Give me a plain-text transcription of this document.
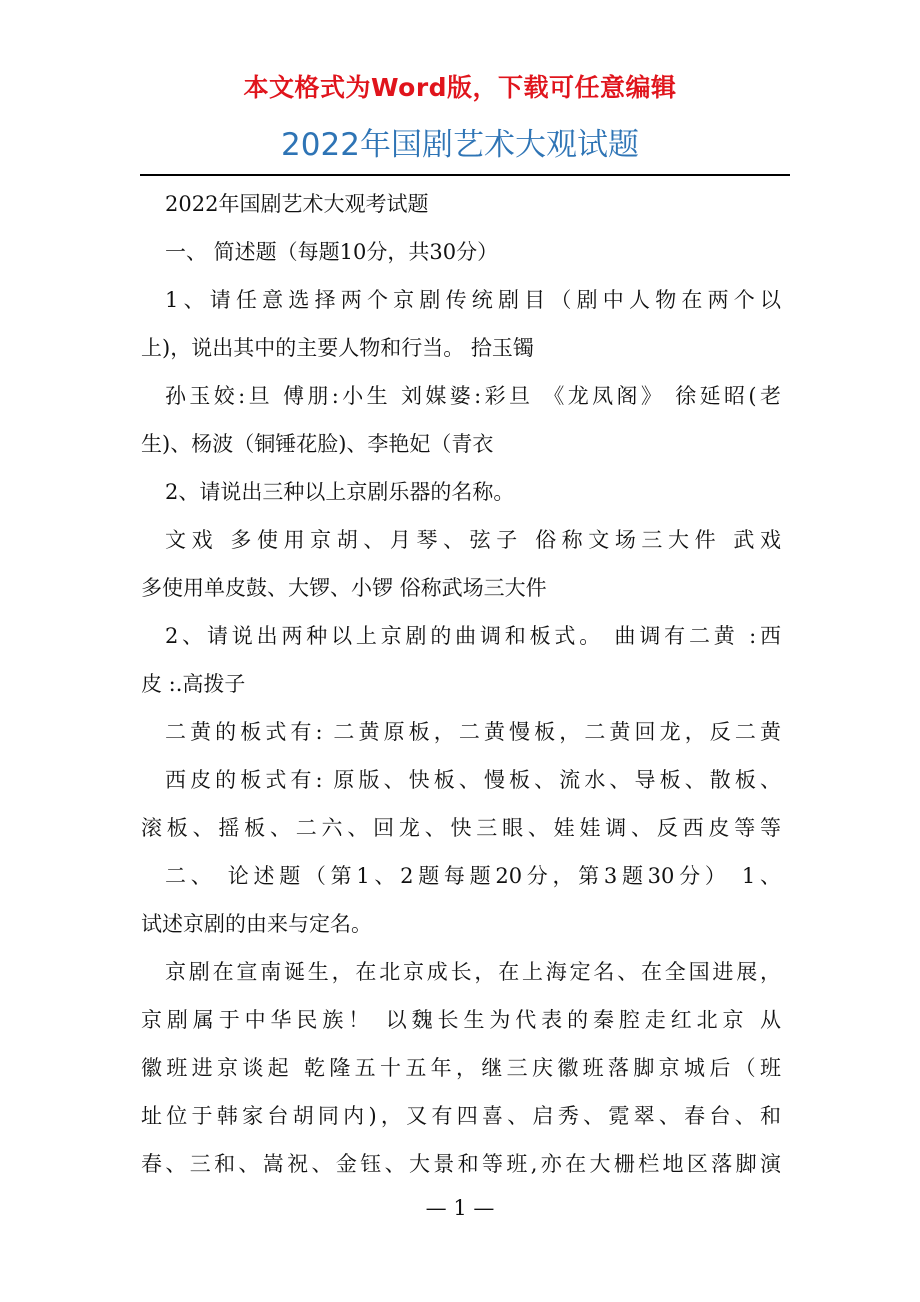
本文格式为Word版，下载可任意编辑
2022年国剧艺术大观试题
2022年国剧艺术大观考试题
一、 简述题（每题10分，共30分）
1、请任意选择两个京剧传统剧目（剧中人物在两个以
上)，说出其中的主要人物和行当。 拾玉镯
孙玉姣:旦 傅朋:小生 刘媒婆:彩旦 《龙凤阁》 徐延昭(老
生)、杨波（铜锤花脸)、李艳妃（青衣
2、请说出三种以上京剧乐器的名称。
文戏 多使用京胡、月琴、弦子 俗称文场三大件 武戏
多使用单皮鼓、大锣、小锣 俗称武场三大件
2、请说出两种以上京剧的曲调和板式。 曲调有二黄 :西
皮 :.高拨子
二黄的板式有: 二黄原板，二黄慢板，二黄回龙，反二黄
西皮的板式有: 原版、快板、慢板、流水、导板、散板、
滚板、摇板、二六、回龙、快三眼、娃娃调、反西皮等等
二、 论述题（第1、2题每题20分，第3题30分） 1、
试述京剧的由来与定名。
京剧在宣南诞生，在北京成长，在上海定名、在全国进展，
京剧属于中华民族！ 以魏长生为代表的秦腔走红北京 从
徽班进京谈起 乾隆五十五年，继三庆徽班落脚京城后（班
址位于韩家台胡同内)，又有四喜、启秀、霓翠、春台、和
春、三和、嵩祝、金钰、大景和等班,亦在大栅栏地区落脚演
— 1 —
